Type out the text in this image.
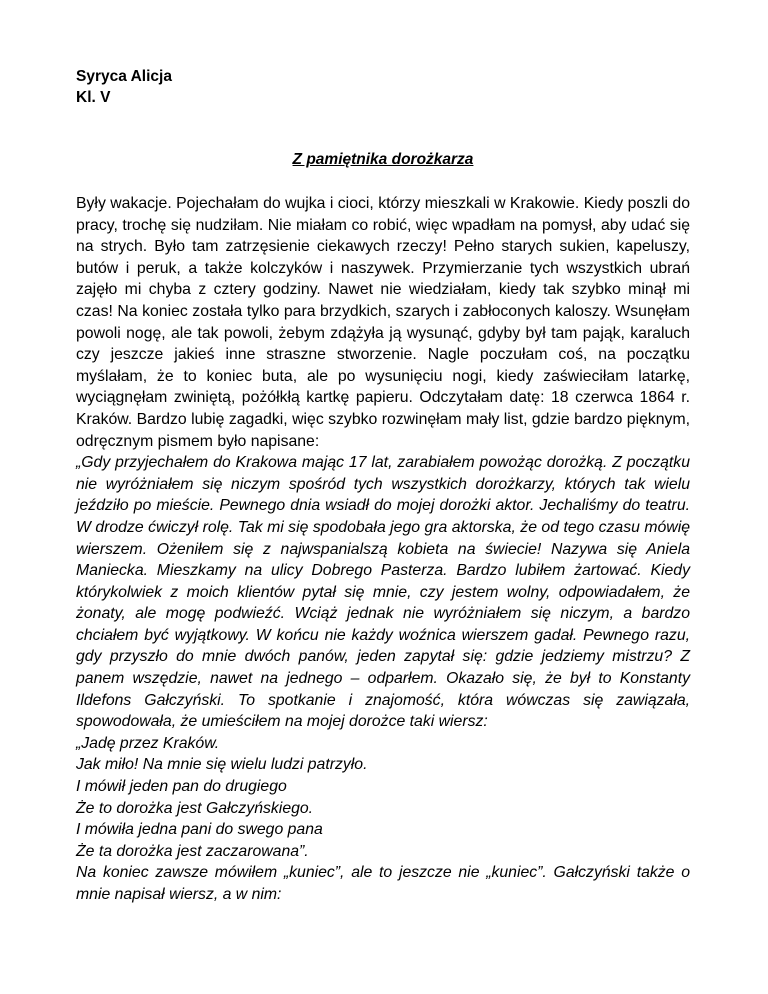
Syryca Alicja

Kl. V

Z pamiętnika dorożkarza

Były wakacje. Pojechałam do wujka i cioci, którzy mieszkali w Krakowie. Kiedy poszli do pracy, trochę się nudziłam. Nie miałam co robić, więc wpadłam na pomysł, aby udać się na strych. Było tam zatrzęsienie ciekawych rzeczy! Pełno starych sukien, kapeluszy, butów i peruk, a także kolczyków i naszywek. Przymierzanie tych wszystkich ubrań zajęło mi chyba z cztery godziny. Nawet nie wiedziałam, kiedy tak szybko minął mi czas! Na koniec została tylko para brzydkich, szarych i zabłoconych kaloszy. Wsunęłam powoli nogę, ale tak powoli, żebym zdążyła ją wysunąć, gdyby był tam pająk, karaluch czy jeszcze jakieś inne straszne stworzenie. Nagle poczułam coś, na początku myślałam, że to koniec buta, ale po wysunięciu nogi, kiedy zaświeciłam latarkę, wyciągnęłam zwiniętą, pożółkłą kartkę papieru. Odczytałam datę: 18 czerwca 1864 r. Kraków. Bardzo lubię zagadki, więc szybko rozwinęłam mały list, gdzie bardzo pięknym, odręcznym pismem było napisane:

„Gdy przyjechałem do Krakowa mając 17 lat, zarabiałem powożąc dorożką. Z początku nie wyróżniałem się niczym spośród tych wszystkich dorożkarzy, których tak wielu jeździło po mieście. Pewnego dnia wsiadł do mojej dorożki aktor. Jechaliśmy do teatru. W drodze ćwiczył rolę. Tak mi się spodobała jego gra aktorska, że od tego czasu mówię wierszem. Ożeniłem się z najwspanialszą kobieta na świecie! Nazywa się Aniela Maniecka. Mieszkamy na ulicy Dobrego Pasterza. Bardzo lubiłem żartować. Kiedy którykolwiek z moich klientów pytał się mnie, czy jestem wolny, odpowiadałem, że żonaty, ale mogę podwieźć. Wciąż jednak nie wyróżniałem się niczym, a bardzo chciałem być wyjątkowy. W końcu nie każdy woźnica wierszem gadał. Pewnego razu, gdy przyszło do mnie dwóch panów, jeden zapytał się: gdzie jedziemy mistrzu? Z panem wszędzie, nawet na jednego – odparłem. Okazało się, że był to Konstanty Ildefons Gałczyński. To spotkanie i znajomość, która wówczas się zawiązała, spowodowała, że umieściłem na mojej dorożce taki wiersz:

„Jadę przez Kraków.
Jak miło! Na mnie się wielu ludzi patrzyło.
I mówił jeden pan do drugiego
Że to dorożka jest Gałczyńskiego.
I mówiła jedna pani do swego pana
Że ta dorożka jest zaczarowana”.

Na koniec zawsze mówiłem „kuniec”, ale to jeszcze nie „kuniec”. Gałczyński także o mnie napisał wiersz, a w nim:
